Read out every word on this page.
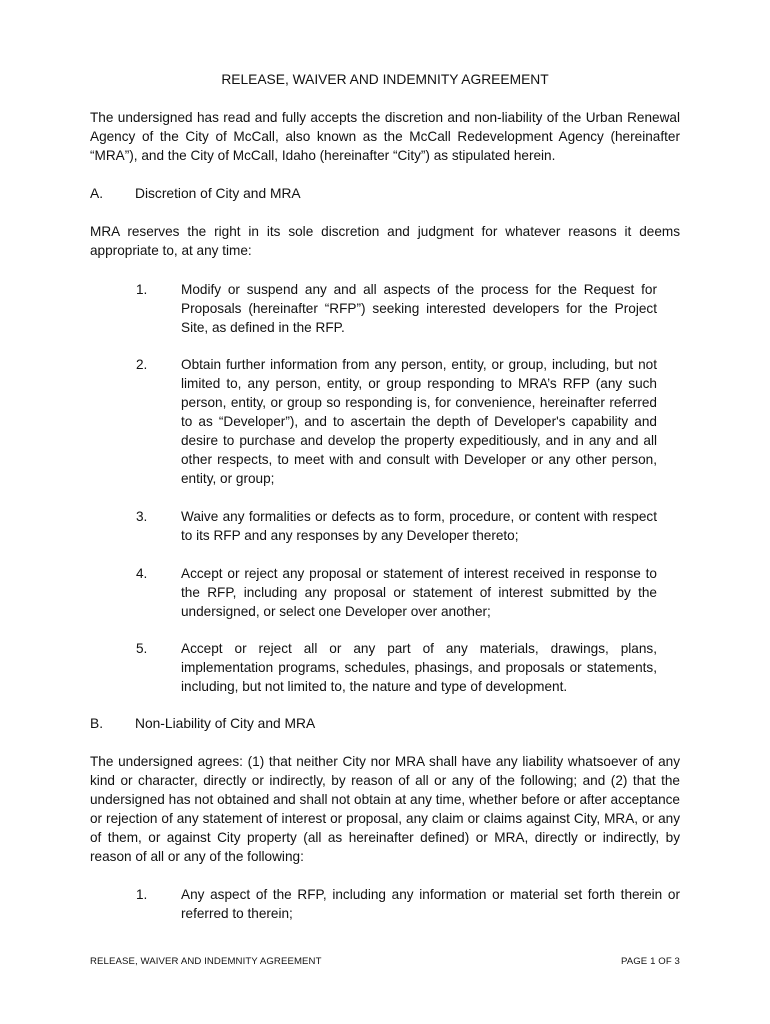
RELEASE, WAIVER AND INDEMNITY AGREEMENT

The undersigned has read and fully accepts the discretion and non-liability of the Urban Renewal Agency of the City of McCall, also known as the McCall Redevelopment Agency (hereinafter “MRA”), and the City of McCall, Idaho (hereinafter “City”) as stipulated herein.

A. Discretion of City and MRA

MRA reserves the right in its sole discretion and judgment for whatever reasons it deems appropriate to, at any time:

1. Modify or suspend any and all aspects of the process for the Request for Proposals (hereinafter “RFP”) seeking interested developers for the Project Site, as defined in the RFP.
2. Obtain further information from any person, entity, or group, including, but not limited to, any person, entity, or group responding to MRA’s RFP (any such person, entity, or group so responding is, for convenience, hereinafter referred to as “Developer”), and to ascertain the depth of Developer's capability and desire to purchase and develop the property expeditiously, and in any and all other respects, to meet with and consult with Developer or any other person, entity, or group;
3. Waive any formalities or defects as to form, procedure, or content with respect to its RFP and any responses by any Developer thereto;
4. Accept or reject any proposal or statement of interest received in response to the RFP, including any proposal or statement of interest submitted by the undersigned, or select one Developer over another;
5. Accept or reject all or any part of any materials, drawings, plans, implementation programs, schedules, phasings, and proposals or statements, including, but not limited to, the nature and type of development.
B. Non-Liability of City and MRA

The undersigned agrees: (1) that neither City nor MRA shall have any liability whatsoever of any kind or character, directly or indirectly, by reason of all or any of the following; and (2) that the undersigned has not obtained and shall not obtain at any time, whether before or after acceptance or rejection of any statement of interest or proposal, any claim or claims against City, MRA, or any of them, or against City property (all as hereinafter defined) or MRA, directly or indirectly, by reason of all or any of the following:

1. Any aspect of the RFP, including any information or material set forth therein or referred to therein;
RELEASE, WAIVER AND INDEMNITY AGREEMENT	PAGE 1 OF 3
